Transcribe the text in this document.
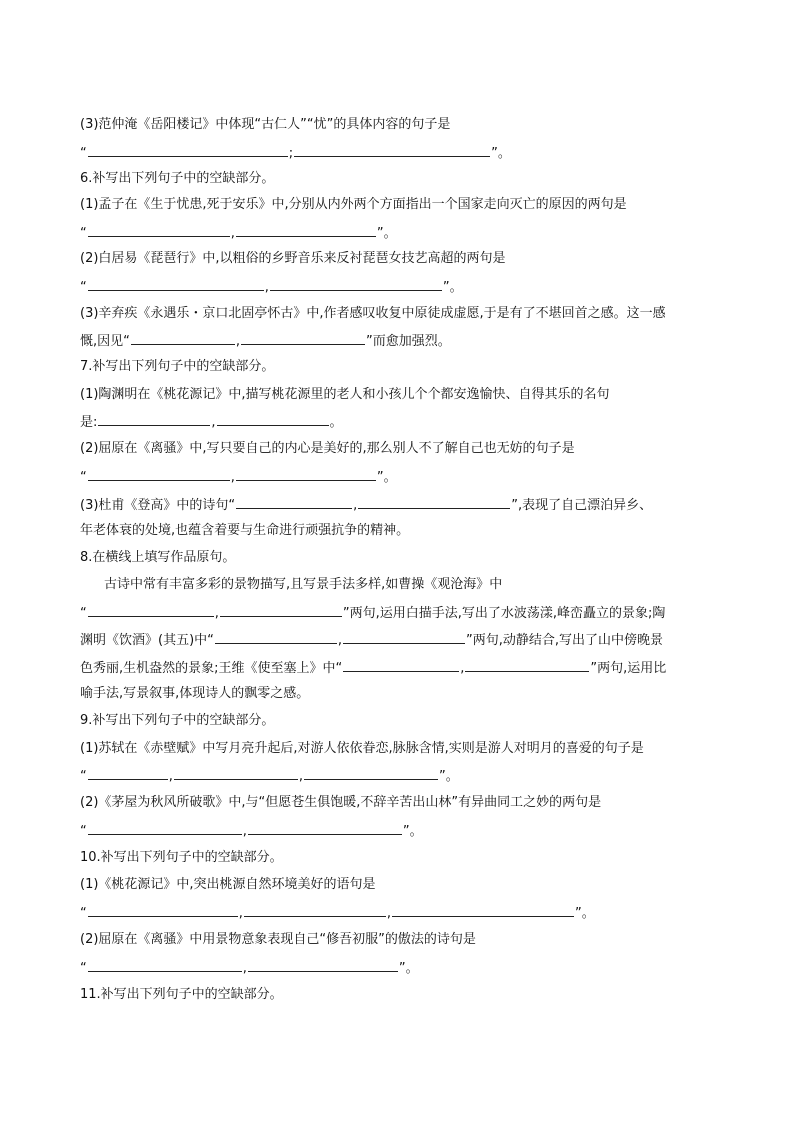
(3)范仲淹《岳阳楼记》中体现“古仁人”“忧”的具体内容的句子是
“	;	”。
6.补写出下列句子中的空缺部分。
(1)孟子在《生于忧患,死于安乐》中,分别从内外两个方面指出一个国家走向灭亡的原因的两句是
“	,	”。
(2)白居易《琵琶行》中,以粗俗的乡野音乐来反衬琵琶女技艺高超的两句是
“	,	”。
(3)辛弃疾《永遇乐・京口北固亭怀古》中,作者感叹收复中原徒成虚愿,于是有了不堪回首之感。这一感
慨,因见“	,	”而愈加强烈。
7.补写出下列句子中的空缺部分。
(1)陶渊明在《桃花源记》中,描写桃花源里的老人和小孩儿个个都安逸愉快、自得其乐的名句
是:	,	。
(2)屈原在《离骚》中,写只要自己的内心是美好的,那么别人不了解自己也无妨的句子是
“	,	”。
(3)杜甫《登高》中的诗句“	,	”,表现了自己漂泊异乡、
年老体衰的处境,也蕴含着要与生命进行顽强抗争的精神。
8.在横线上填写作品原句。
古诗中常有丰富多彩的景物描写,且写景手法多样,如曹操《观沧海》中
“	,	”两句,运用白描手法,写出了水波荡漾,峰峦矗立的景象;陶
渊明《饮酒》(其五)中“	,	”两句,动静结合,写出了山中傍晚景
色秀丽,生机盎然的景象;王维《使至塞上》中“	,	”两句,运用比
喻手法,写景叙事,体现诗人的飘零之感。
9.补写出下列句子中的空缺部分。
(1)苏轼在《赤壁赋》中写月亮升起后,对游人依依眷恋,脉脉含情,实则是游人对明月的喜爱的句子是
“	,	,	”。
(2)《茅屋为秋风所破歌》中,与“但愿苍生俱饱暖,不辞辛苦出山林”有异曲同工之妙的两句是
“	,	”。
10.补写出下列句子中的空缺部分。
(1)《桃花源记》中,突出桃源自然环境美好的语句是
“	,	,	”。
(2)屈原在《离骚》中用景物意象表现自己“修吾初服”的傲法的诗句是
“	,	”。
11.补写出下列句子中的空缺部分。
